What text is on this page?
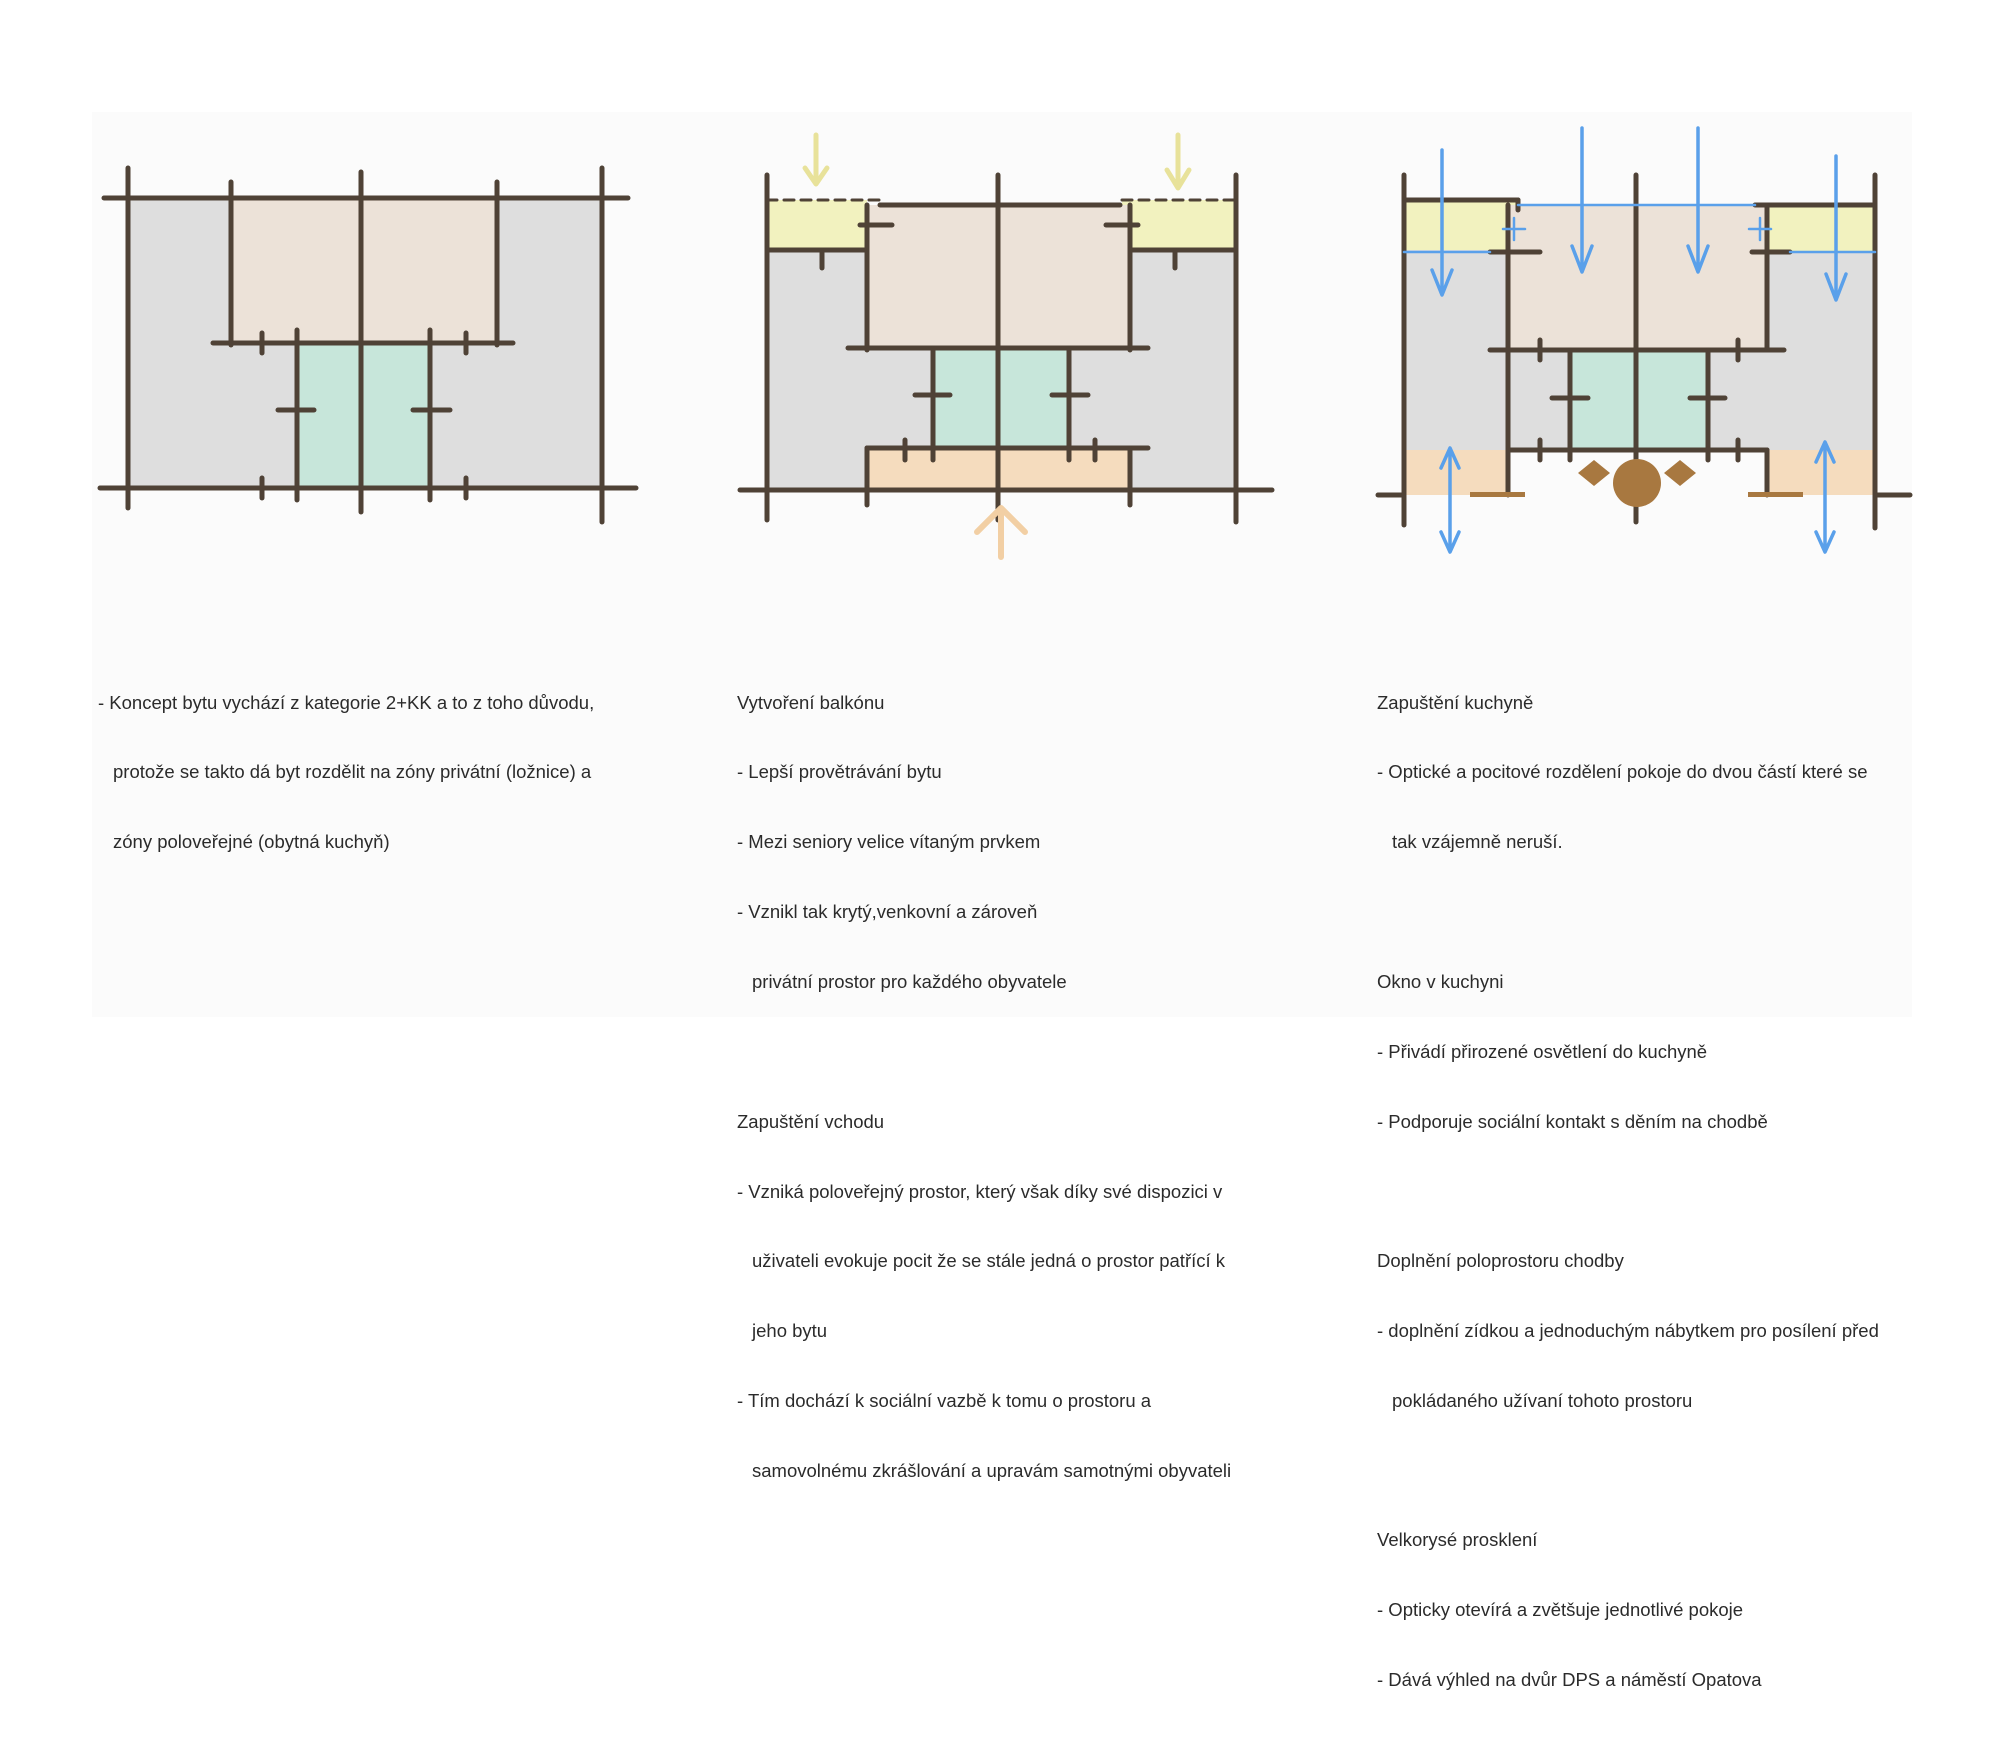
- Koncept bytu vychází z kategorie 2+KK a to z toho důvodu,

protože se takto dá byt rozdělit na zóny privátní (ložnice) a

zóny poloveřejné (obytná kuchyň)

Vytvoření balkónu

- Lepší provětrávání bytu

- Mezi seniory velice vítaným prvkem

- Vznikl tak krytý,venkovní a zároveň

privátní prostor pro každého obyvatele

Zapuštění vchodu

- Vzniká poloveřejný prostor, který však díky své dispozici v

uživateli evokuje pocit že se stále jedná o prostor patřící k

jeho bytu

- Tím dochází k sociální vazbě k tomu o prostoru a

samovolnému zkrášlování a upravám samotnými obyvateli

Zapuštění kuchyně

- Optické a pocitové rozdělení pokoje do dvou částí které se

tak vzájemně neruší.

Okno v kuchyni

- Přivádí přirozené osvětlení do kuchyně

- Podporuje sociální kontakt s děním na chodbě

Doplnění poloprostoru chodby

- doplnění zídkou a jednoduchým nábytkem pro posílení před

pokládaného užívaní tohoto prostoru

Velkorysé prosklení

- Opticky otevírá a zvětšuje jednotlivé pokoje

- Dává výhled na dvůr DPS a náměstí Opatova
